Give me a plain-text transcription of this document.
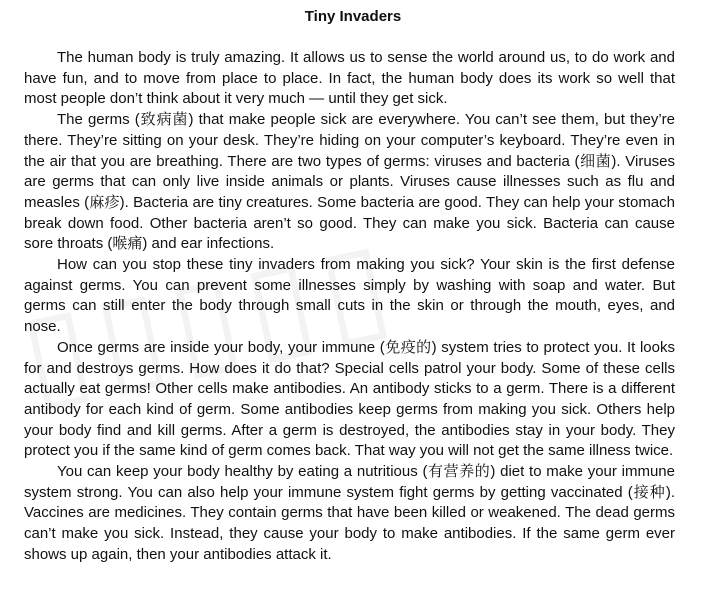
Tiny Invaders

The human body is truly amazing. It allows us to sense the world around us, to do work and have fun, and to move from place to place. In fact, the human body does its work so well that most people don’t think about it very much — until they get sick.

The germs (致病菌) that make people sick are everywhere. You can’t see them, but they’re there. They’re sitting on your desk. They’re hiding on your computer’s keyboard. They’re even in the air that you are breathing. There are two types of germs: viruses and bacteria (细菌). Viruses are germs that can only live inside animals or plants. Viruses cause illnesses such as flu and measles (麻疹). Bacteria are tiny creatures. Some bacteria are good. They can help your stomach break down food. Other bacteria aren’t so good. They can make you sick. Bacteria can cause sore throats (喉痛) and ear infections.

How can you stop these tiny invaders from making you sick? Your skin is the first defense against germs. You can prevent some illnesses simply by washing with soap and water. But germs can still enter the body through small cuts in the skin or through the mouth, eyes, and nose.

Once germs are inside your body, your immune (免疫的) system tries to protect you. It looks for and destroys germs. How does it do that? Special cells patrol your body. Some of these cells actually eat germs! Other cells make antibodies. An antibody sticks to a germ. There is a different antibody for each kind of germ. Some antibodies keep germs from making you sick. Others help your body find and kill germs. After a germ is destroyed, the antibodies stay in your body. They protect you if the same kind of germ comes back. That way you will not get the same illness twice.

You can keep your body healthy by eating a nutritious (有营养的) diet to make your immune system strong. You can also help your immune system fight germs by getting vaccinated (接种). Vaccines are medicines. They contain germs that have been killed or weakened. The dead germs can’t make you sick. Instead, they cause your body to make antibodies. If the same germ ever shows up again, then your antibodies attack it.
